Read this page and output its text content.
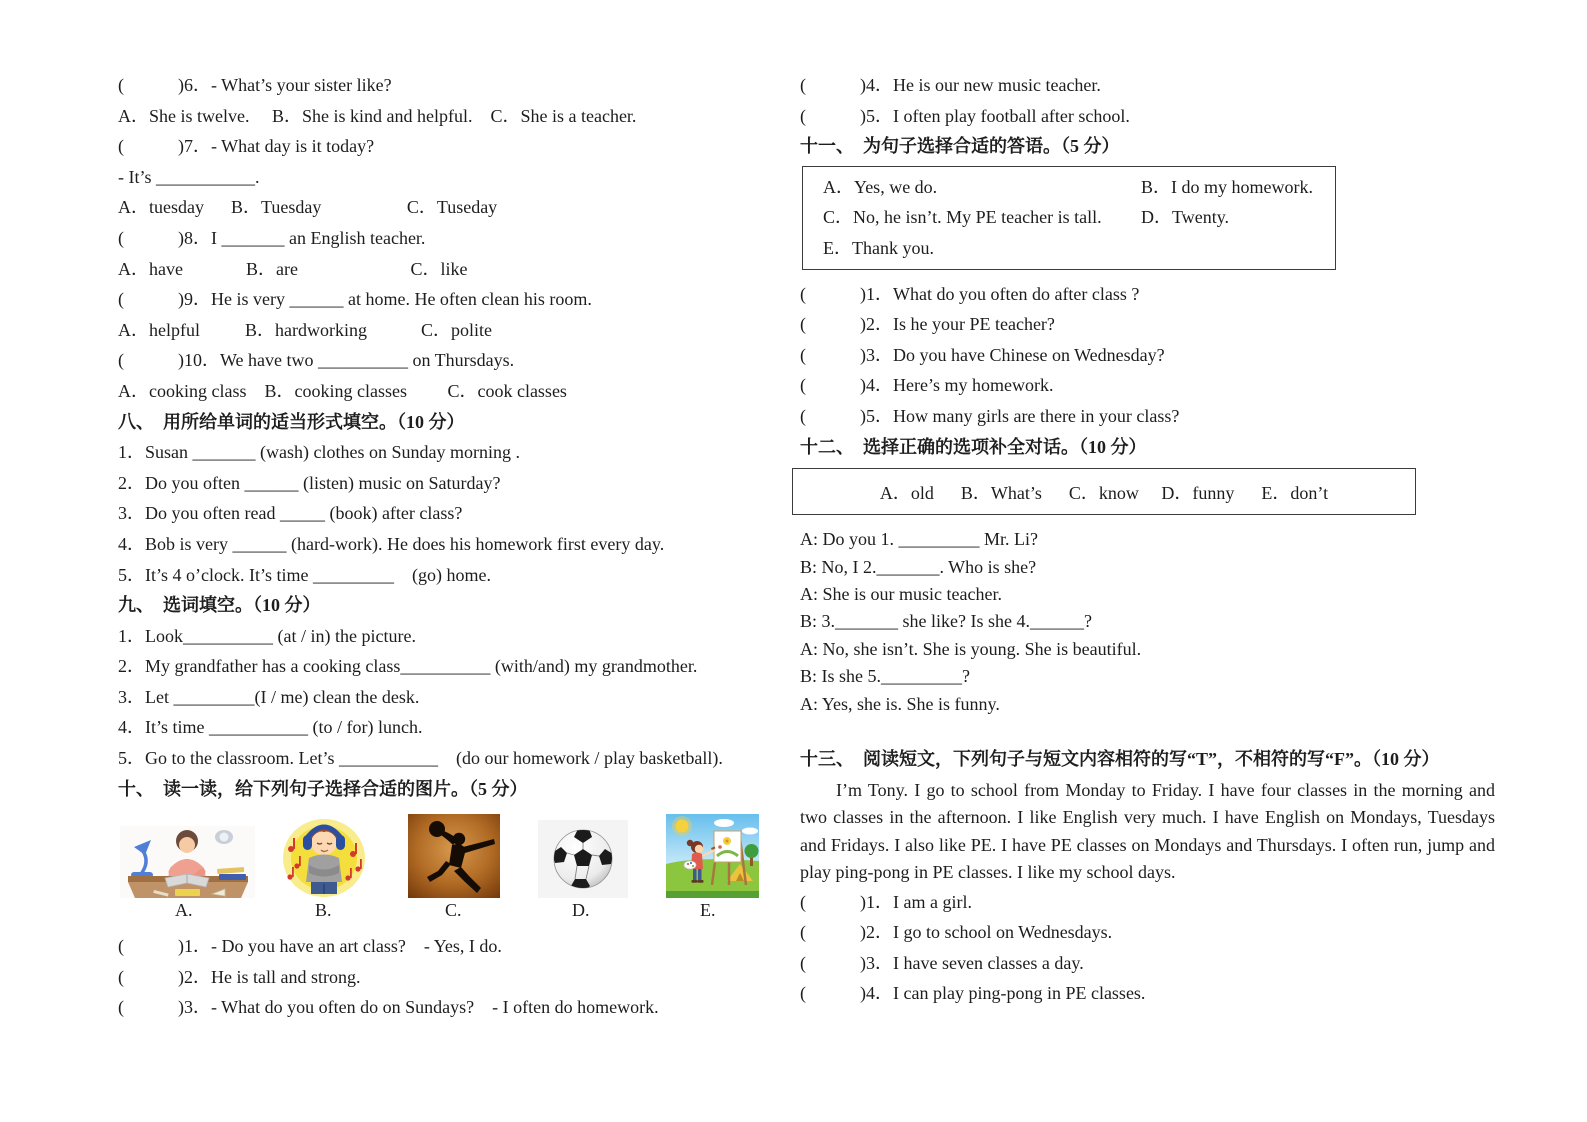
(            )6．- What’s your sister like?
A．She is twelve.     B．She is kind and helpful.    C．She is a teacher.
(            )7．- What day is it today?
- It’s ___________.
A．tuesday      B．Tuesday                   C．Tuseday
(            )8．I _______ an English teacher.
A．have              B．are                         C．like
(            )9．He is very ______ at home. He often clean his room.
A．helpful          B．hardworking            C．polite
(            )10．We have two __________ on Thursdays.
A．cooking class    B．cooking classes         C．cook classes
八、  用所给单词的适当形式填空。（10 分）
1．Susan _______ (wash) clothes on Sunday morning .
2．Do you often ______ (listen) music on Saturday?
3．Do you often read _____ (book) after class?
4．Bob is very ______ (hard-work). He does his homework first every day.
5．It’s 4 o’clock. It’s time _________    (go) home.
九、  选词填空。（10 分）
1．Look__________ (at / in) the picture.
2．My grandfather has a cooking class__________ (with/and) my grandmother.
3．Let _________(I / me) clean the desk.
4．It’s time ___________ (to / for) lunch.
5．Go to the classroom. Let’s ___________    (do our homework / play basketball).
十、  读一读，给下列句子选择合适的图片。（5 分）
A.	B.	C.	D.	E.
(            )1．- Do you have an art class?    - Yes, I do.
(            )2．He is tall and strong.
(            )3．- What do you often do on Sundays?    - I often do homework.
(            )4．He is our new music teacher.
(            )5．I often play football after school.
十一、  为句子选择合适的答语。（5 分）
A．Yes, we do.	B．I do my homework.
C．No, he isn’t. My PE teacher is tall.	D．Twenty.
E．Thank you.
(            )1．What do you often do after class ?
(            )2．Is he your PE teacher?
(            )3．Do you have Chinese on Wednesday?
(            )4．Here’s my homework.
(            )5．How many girls are there in your class?
十二、  选择正确的选项补全对话。（10 分）
A．old      B．What’s      C．know     D．funny      E．don’t
A: Do you 1. _________ Mr. Li?
B: No, I 2._______. Who is she?
A: She is our music teacher.
B: 3._______ she like? Is she 4.______?
A: No, she isn’t. She is young. She is beautiful.
B: Is she 5._________?
A: Yes, she is. She is funny.
十三、  阅读短文，下列句子与短文内容相符的写“T”，不相符的写“F”。（10 分）
I’m Tony. I go to school from Monday to Friday. I have four classes in the morning and two classes in the afternoon. I like English very much. I have English on Mondays, Tuesdays and Fridays. I also like PE. I have PE classes on Mondays and Thursdays. I often run, jump and play ping-pong in PE classes. I like my school days.
(            )1．I am a girl.
(            )2．I go to school on Wednesdays.
(            )3．I have seven classes a day.
(            )4．I can play ping-pong in PE classes.
